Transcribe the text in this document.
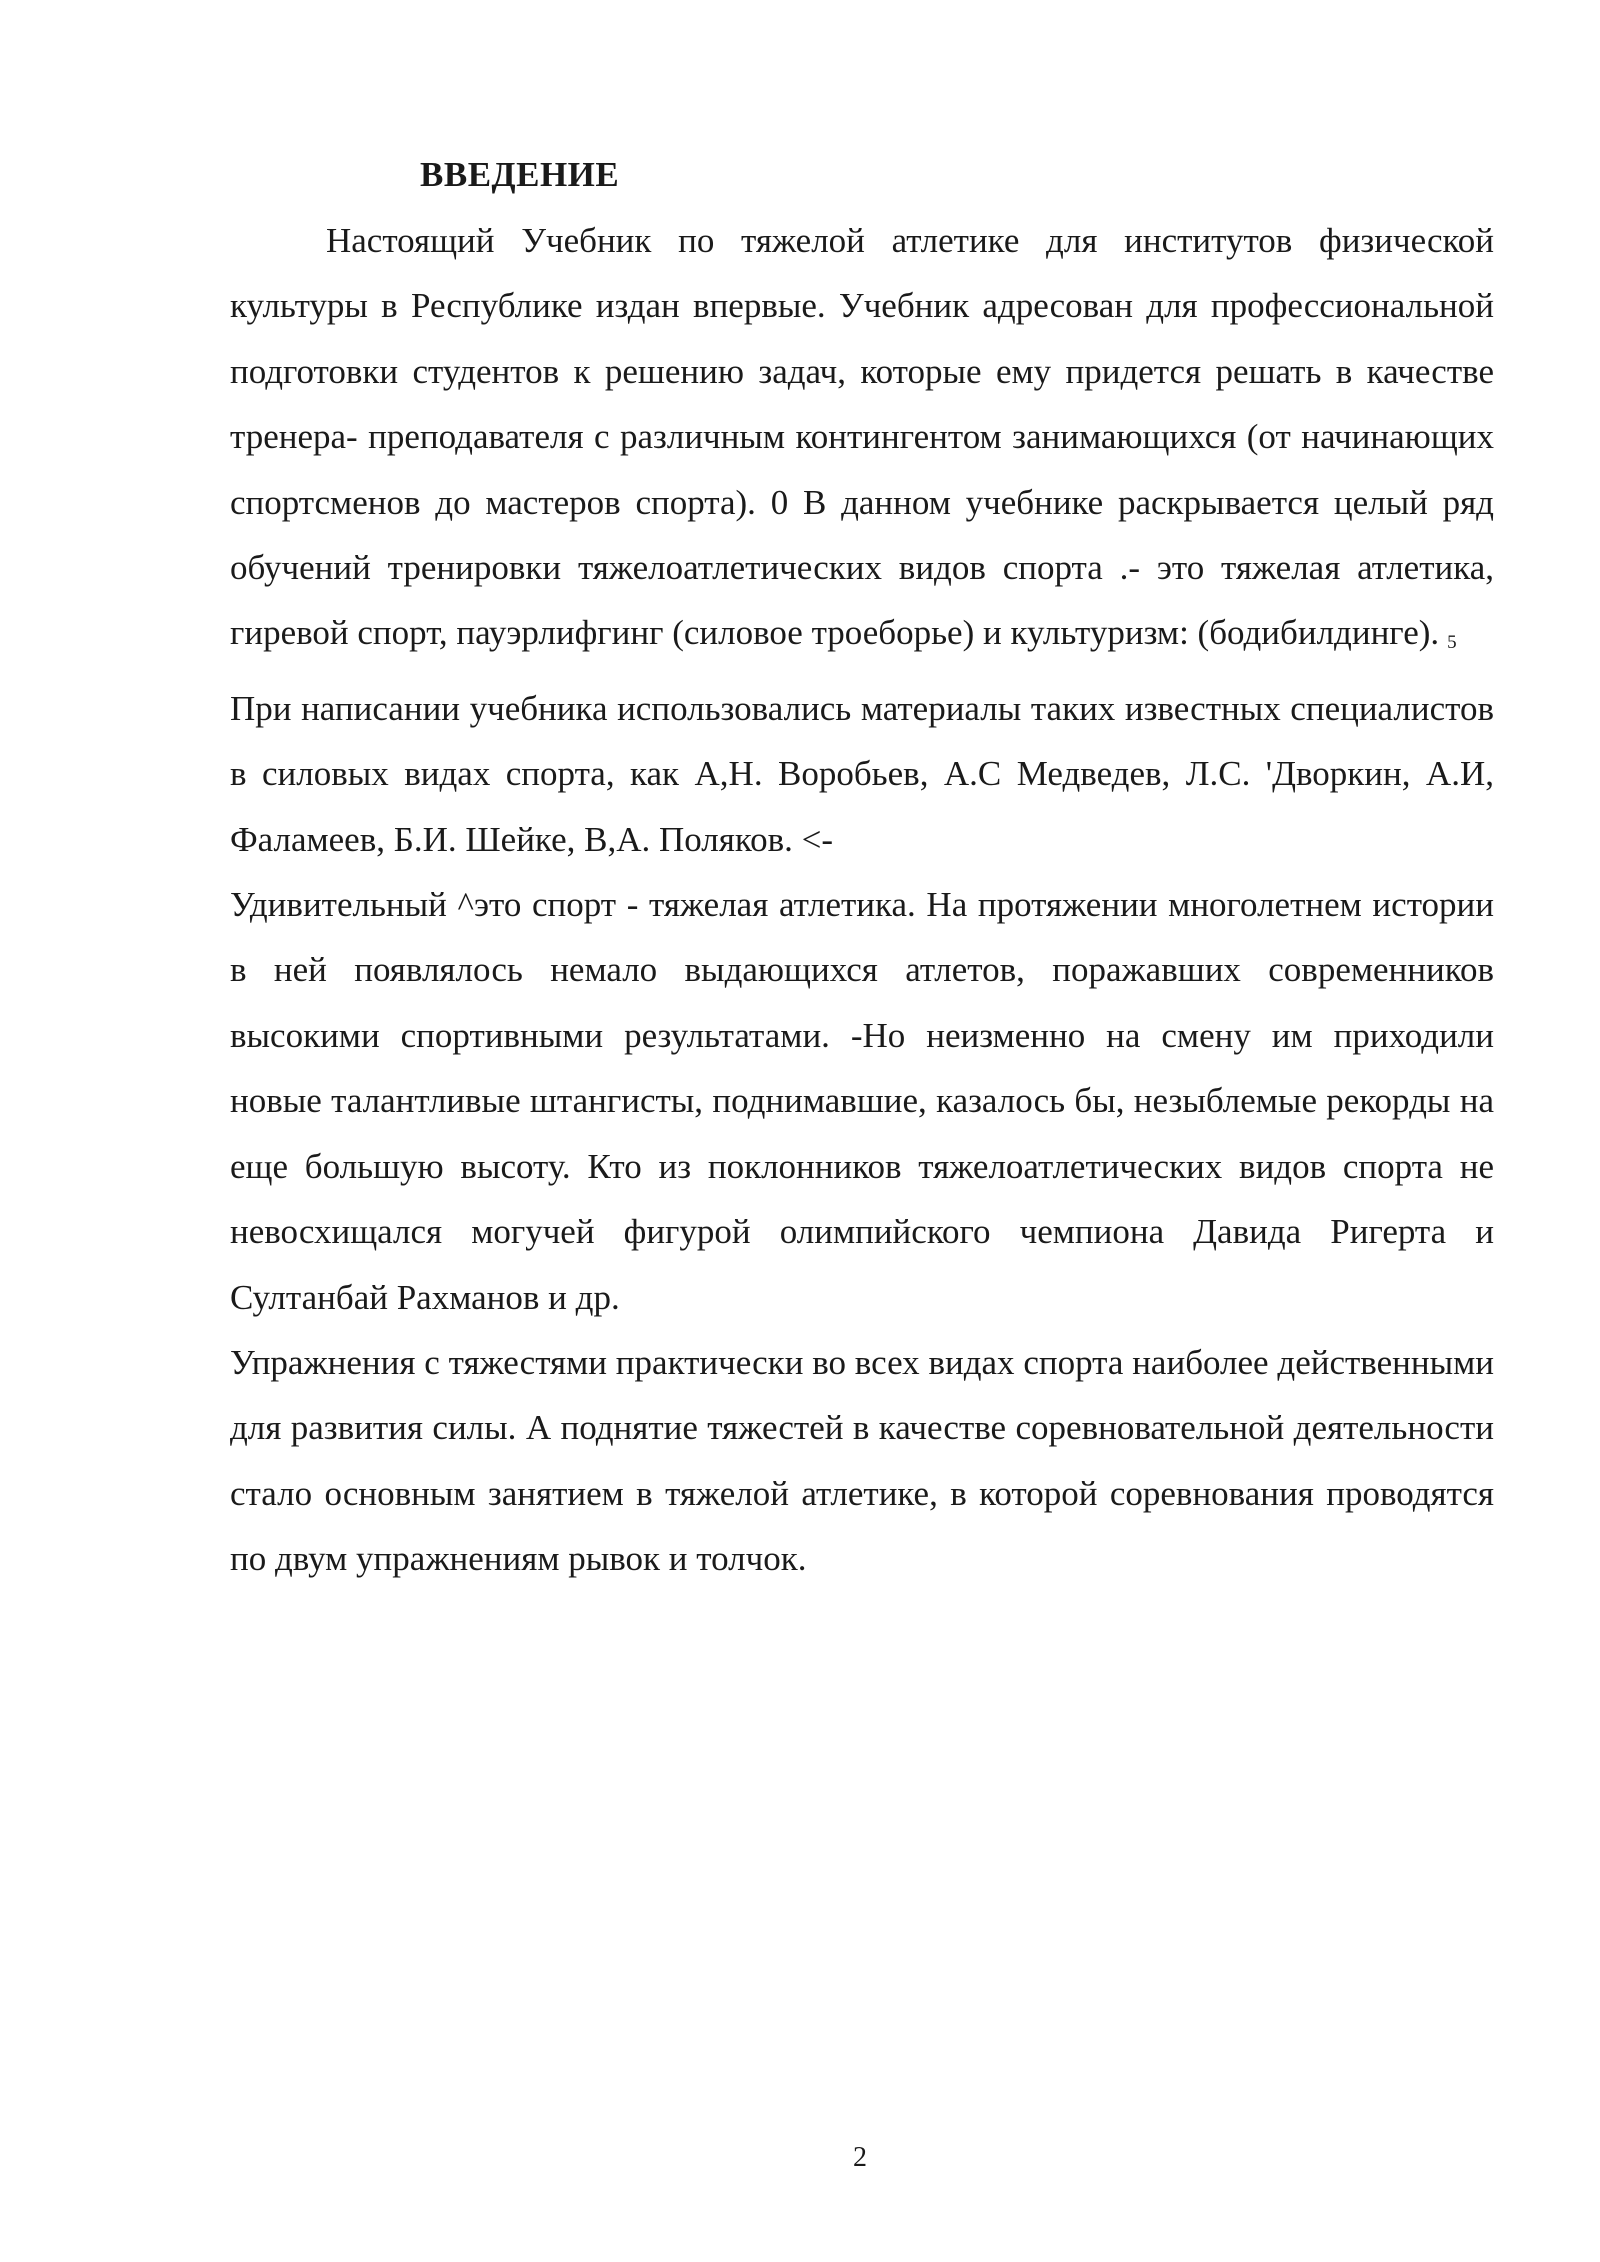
ВВЕДЕНИЕ

Настоящий Учебник по тяжелой атлетике для институтов физической культуры в Республике издан впервые. Учебник адресован для профессиональной подготовки студентов к решению задач, которые ему придется решать в качестве тренера- преподавателя с различным контингентом занимающихся (от начинающих спортсменов до мастеров спорта). 0 В данном учебнике раскрывается целый ряд обучений тренировки тяжелоатлетических видов спорта .- это тяжелая атлетика, гиревой спорт, пауэрлифгинг (силовое троеборье) и культуризм: (бодибилдинге). 5

При написании учебника использовались материалы таких известных специалистов в силовых видах спорта, как А,Н. Воробьев, А.С Медведев, Л.С. 'Дворкин, А.И, Фаламеев, Б.И. Шейке, В,А. Поляков. <-

Удивительный ^это спорт - тяжелая атлетика. На протяжении многолетнем истории в ней появлялось немало выдающихся атлетов, поражавших современников высокими спортивными результатами. -Но неизменно на смену им приходили новые талантливые штангисты, поднимавшие, казалось бы, незыблемые рекорды на еще большую высоту. Кто из поклонников тяжелоатлетических видов спорта не невосхищался могучей фигурой олимпийского чемпиона Давида Ригерта и Султанбай Рахманов и др.

Упражнения с тяжестями практически во всех видах спорта наиболее действенными для развития силы. А поднятие тяжестей в качестве соревновательной деятельности стало основным занятием в тяжелой атлетике, в которой соревнования проводятся по двум упражнениям рывок и толчок.

2
